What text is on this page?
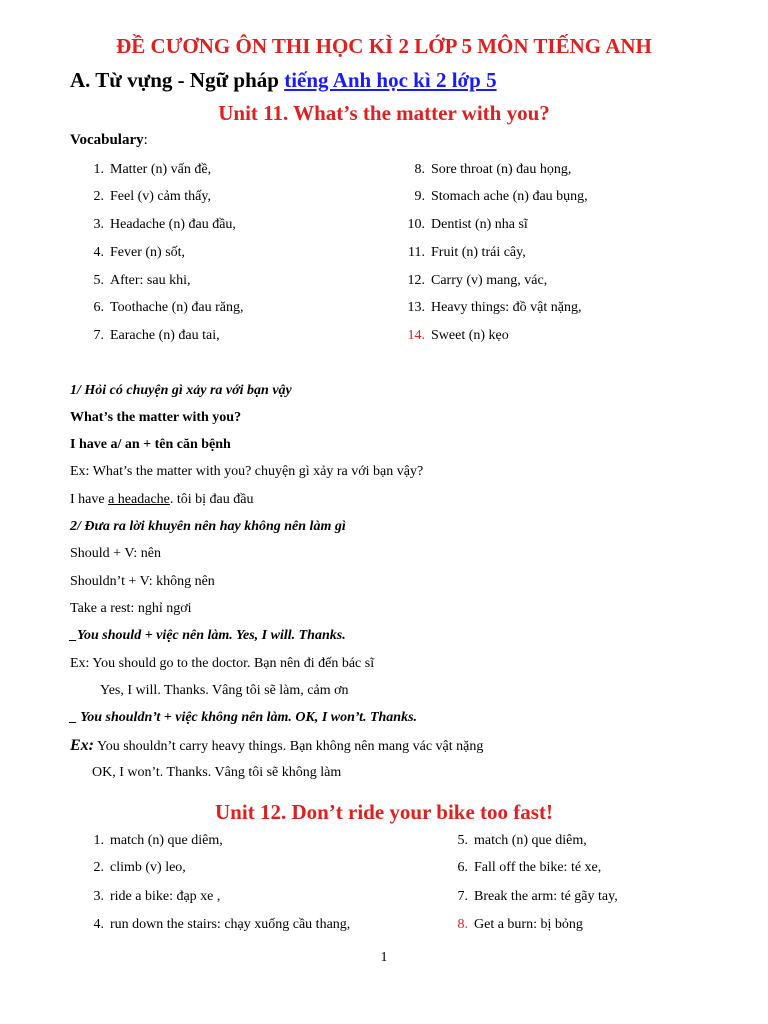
ĐỀ CƯƠNG ÔN THI HỌC KÌ 2 LỚP 5 MÔN TIẾNG ANH
A. Từ vựng - Ngữ pháp tiếng Anh học kì 2 lớp 5
Unit 11. What’s the matter with you?
Vocabulary:
1. Matter (n) vấn đề,
2. Feel (v) cảm thấy,
3. Headache (n) đau đầu,
4. Fever (n) sốt,
5. After: sau khi,
6. Toothache (n) đau răng,
7. Earache (n) đau tai,
8. Sore throat (n) đau họng,
9. Stomach ache (n) đau bụng,
10. Dentist (n) nha sĩ
11. Fruit (n) trái cây,
12. Carry (v) mang, vác,
13. Heavy things: đồ vật nặng,
14. Sweet (n) kẹo
1/ Hỏi có chuyện gì xảy ra với bạn vậy
What’s the matter with you?
I have a/ an + tên căn bệnh
Ex: What’s the matter with you? chuyện gì xảy ra với bạn vậy?
I have a headache. tôi bị đau đầu
2/ Đưa ra lời khuyên nên hay không nên làm gì
Should + V: nên
Shouldn’t + V: không nên
Take a rest: nghỉ ngơi
_You should + việc nên làm. Yes, I will. Thanks.
Ex: You should go to the doctor. Bạn nên đi đến bác sĩ
Yes, I will. Thanks. Vâng tôi sẽ làm, cảm ơn
_ You shouldn’t + việc không nên làm. OK, I won’t. Thanks.
Ex: You shouldn’t carry heavy things. Bạn không nên mang vác vật nặng
OK, I won’t. Thanks. Vâng tôi sẽ không làm
Unit 12. Don’t ride your bike too fast!
1. match (n) que diêm,
2. climb (v) leo,
3. ride a bike: đạp xe ,
4. run down the stairs: chạy xuống cầu thang,
5. match (n) que diêm,
6. Fall off the bike: té xe,
7. Break the arm: té gãy tay,
8. Get a burn: bị bỏng
1
